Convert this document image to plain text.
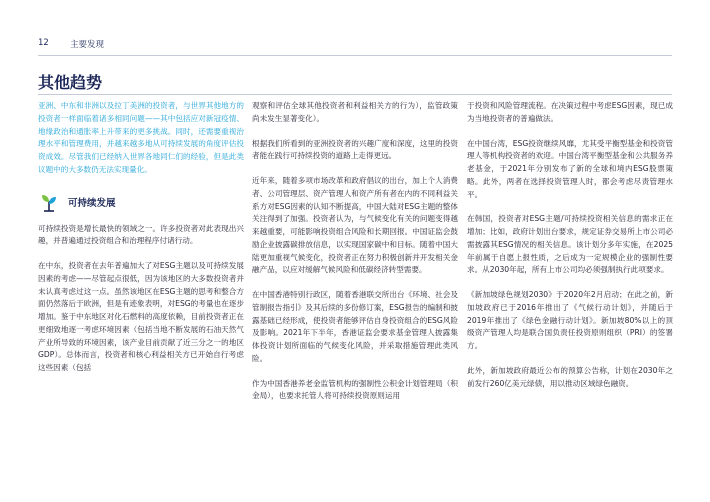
12 主要发现
其他趋势

亚洲、中东和非洲以及拉丁美洲的投资者，与世界其他地方的投资者一样面临着诸多相同问题——其中包括应对新冠疫情、地缘政治和通胀率上升带来的更多挑战。同时，还需要重视治理水平和管理费用，并越来越多地从可持续发展的角度评估投资成效。尽管我们已经纳入世界各地同仁们的经验，但是此类议题中的大多数仍无法实现量化。

可持续发展

可持续投资是增长最快的领域之一。许多投资者对此表现出兴趣，并普遍通过投资组合和治理程序付诸行动。

在中东，投资者在去年普遍加大了对ESG主题以及可持续发展因素的考虑——尽管起点很低，因为该地区的大多数投资者并未认真考虑过这一点。虽然该地区在ESG主题的思考和整合方面仍然落后于欧洲，但是有迹象表明，对ESG的考量也在逐步增加。鉴于中东地区对化石燃料的高度依赖，目前投资者正在更细致地逐一考虑环境因素（包括当地不断发展的石油天然气产业所导致的环境因素，该产业目前贡献了近三分之一的地区GDP）。总体而言，投资者和核心利益相关方已开始自行考虑这些因素（包括

观察和评估全球其他投资者和利益相关方的行为），监管政策尚未发生显著变化）。

根据我们所看到的亚洲投资者的兴趣广度和深度，这里的投资者能在践行可持续投资的道路上走得更远。

近年来，随着多项市场改革和政府倡议的出台，加上个人消费者、公司管理层、资产管理人和资产所有者在内的不同利益关系方对ESG因素的认知不断提高，中国大陆对ESG主题的整体关注得到了加强。投资者认为，与气候变化有关的问题变得越来越重要，可能影响投资组合风险和长期回报。中国证监会鼓励企业披露碳排放信息，以实现国家碳中和目标。随着中国大陆更加重视气候变化，投资者正在努力积极创新并开发相关金融产品，以应对缓解气候风险和低碳经济转型需要。

在中国香港特别行政区，随着香港联交所出台《环境、社会及管制报告指引》及其后续的多份修订案，ESG报告的编制和披露基础已经形成，使投资者能够评估自身投资组合的ESG风险及影响。2021年下半年，香港证监会要求基金管理人披露集体投资计划所面临的气候变化风险，并采取措施管理此类风险。

作为中国香港养老金监管机构的强制性公积金计划管理局（积金局），也要求托管人将可持续投资原则运用

于投资和风险管理流程。在决策过程中考虑ESG因素，现已成为当地投资者的普遍做法。

在中国台湾，ESG投资继续风靡，尤其受平衡型基金和投资管理人等机构投资者的欢迎。中国台湾平衡型基金和公共服务养老基金，于2021年分别发布了新的全球和境内ESG股票策略。此外，两者在选择投资管理人时，都会考虑尽责管理水平。

在韩国，投资者对ESG主题/可持续投资相关信息的需求正在增加；比如，政府计划出台要求，规定证券交易所上市公司必需披露其ESG情况的相关信息。该计划分多年实施，在2025年前属于自愿上报性质，之后成为一定规模企业的强制性要求。从2030年起，所有上市公司均必须强制执行此项要求。

《新加坡绿色规划2030》于2020年2月启动；在此之前，新加坡政府已于2016年推出了《气候行动计划》，并随后于2019年推出了《绿色金融行动计划》。新加坡80%以上的顶级资产管理人均是联合国负责任投资原则组织（PRI）的签署方。

此外，新加坡政府最近公布的预算公告称，计划在2030年之前发行260亿美元绿债，用以推动区域绿色融资。
